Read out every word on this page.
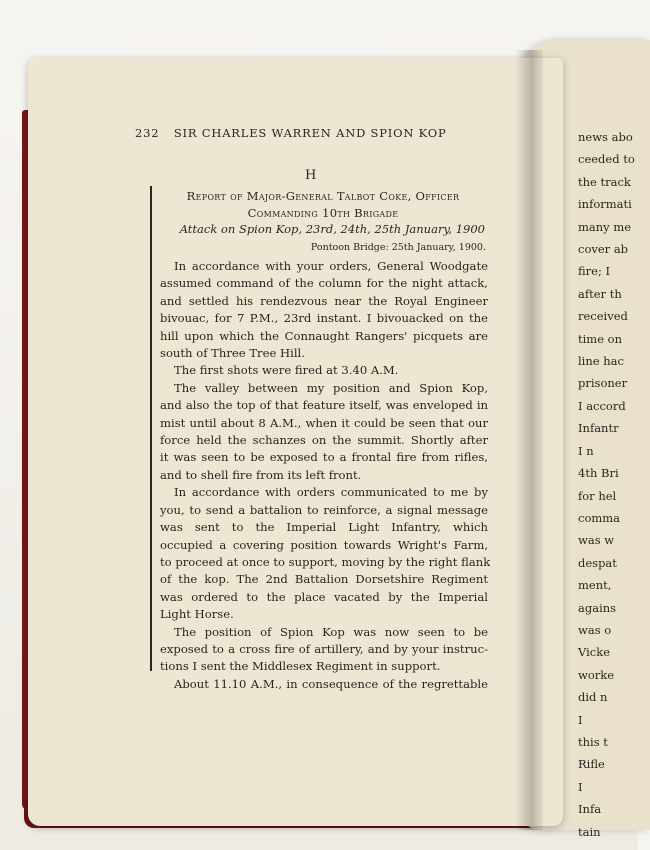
232 SIR CHARLES WARREN AND SPION KOP
H
Report of Major-General Talbot Coke, Officer
Commanding 10th Brigade
Attack on Spion Kop, 23rd, 24th, 25th January, 1900
Pontoon Bridge: 25th January, 1900.
In accordance with your orders, General Woodgate
assumed command of the column for the night attack,
and settled his rendezvous near the Royal Engineer
bivouac, for 7 P.M., 23rd instant. I bivouacked on the
hill upon which the Connaught Rangers' picquets are
south of Three Tree Hill.
The first shots were fired at 3.40 A.M.
The valley between my position and Spion Kop,
and also the top of that feature itself, was enveloped in
mist until about 8 A.M., when it could be seen that our
force held the schanzes on the summit. Shortly after
it was seen to be exposed to a frontal fire from rifles,
and to shell fire from its left front.
In accordance with orders communicated to me by
you, to send a battalion to reinforce, a signal message
was sent to the Imperial Light Infantry, which
occupied a covering position towards Wright's Farm,
to proceed at once to support, moving by the right flank
of the kop. The 2nd Battalion Dorsetshire Regiment
was ordered to the place vacated by the Imperial
Light Horse.
The position of Spion Kop was now seen to be
exposed to a cross fire of artillery, and by your instruc-
tions I sent the Middlesex Regiment in support.
About 11.10 A.M., in consequence of the regrettable
news abo
ceeded to
the track
informati
many me
cover ab
fire; I
after th
received
time on
line hac
prisoner
I accord
Infantr
I n
4th Bri
for hel
comma
was w
despat
ment,
agains
was o
Vicke
worke
did n
I
this t
Rifle
I
Infa
tain
